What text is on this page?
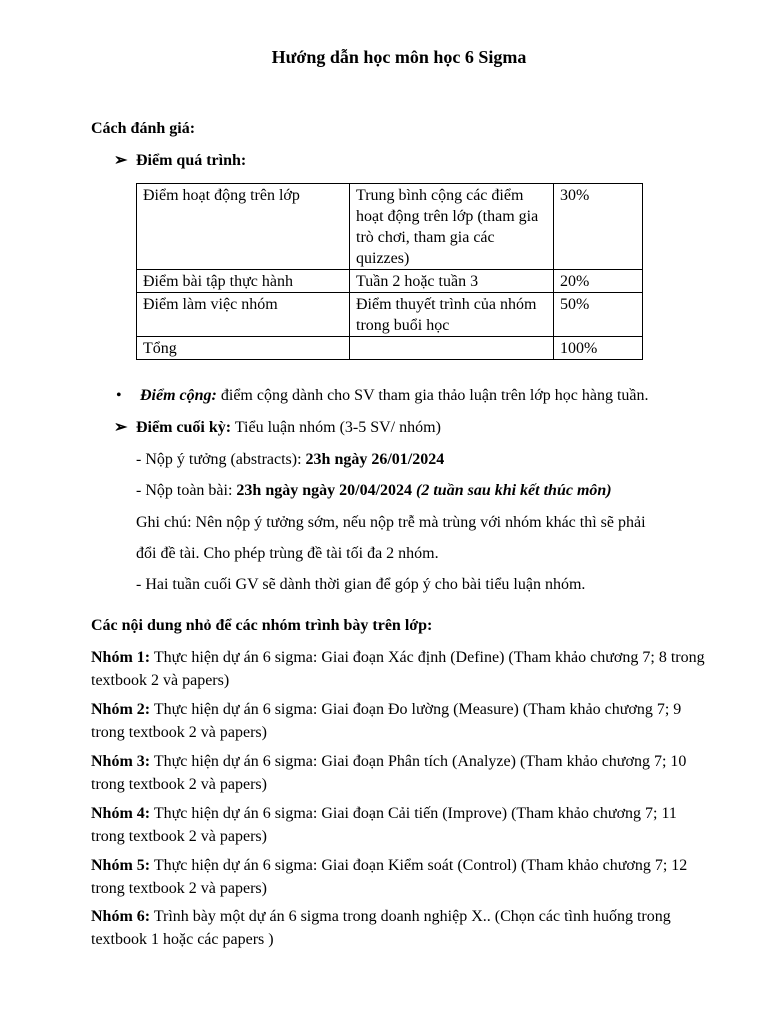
Hướng dẫn học môn học 6 Sigma
Cách đánh giá:
➢ Điểm quá trình:
Điểm hoạt động trên lớp	Trung bình cộng các điểm hoạt động trên lớp (tham gia trò chơi, tham gia các quizzes)	30%
Điểm bài tập thực hành	Tuần 2 hoặc tuần 3	20%
Điểm làm việc nhóm	Điểm thuyết trình của nhóm trong buổi học	50%
Tổng		100%
• Điểm cộng: điểm cộng dành cho SV tham gia thảo luận trên lớp học hàng tuần.
➢ Điểm cuối kỳ: Tiểu luận nhóm (3-5 SV/ nhóm)
- Nộp ý tưởng (abstracts): 23h ngày 26/01/2024
- Nộp toàn bài: 23h ngày ngày 20/04/2024 (2 tuần sau khi kết thúc môn)
Ghi chú: Nên nộp ý tưởng sớm, nếu nộp trễ mà trùng với nhóm khác thì sẽ phải
đổi đề tài. Cho phép trùng đề tài tối đa 2 nhóm.
- Hai tuần cuối GV sẽ dành thời gian để góp ý cho bài tiểu luận nhóm.
Các nội dung nhỏ để các nhóm trình bày trên lớp:
Nhóm 1: Thực hiện dự án 6 sigma: Giai đoạn Xác định (Define) (Tham khảo chương 7; 8 trong textbook 2 và papers)
Nhóm 2: Thực hiện dự án 6 sigma: Giai đoạn Đo lường (Measure) (Tham khảo chương 7; 9 trong textbook 2 và papers)
Nhóm 3: Thực hiện dự án 6 sigma: Giai đoạn Phân tích (Analyze) (Tham khảo chương 7; 10 trong textbook 2 và papers)
Nhóm 4: Thực hiện dự án 6 sigma: Giai đoạn Cải tiến (Improve) (Tham khảo chương 7; 11 trong textbook 2 và papers)
Nhóm 5: Thực hiện dự án 6 sigma: Giai đoạn Kiểm soát (Control) (Tham khảo chương 7; 12 trong textbook 2 và papers)
Nhóm 6: Trình bày một dự án 6 sigma trong doanh nghiệp X.. (Chọn các tình huống trong textbook 1 hoặc các papers )
